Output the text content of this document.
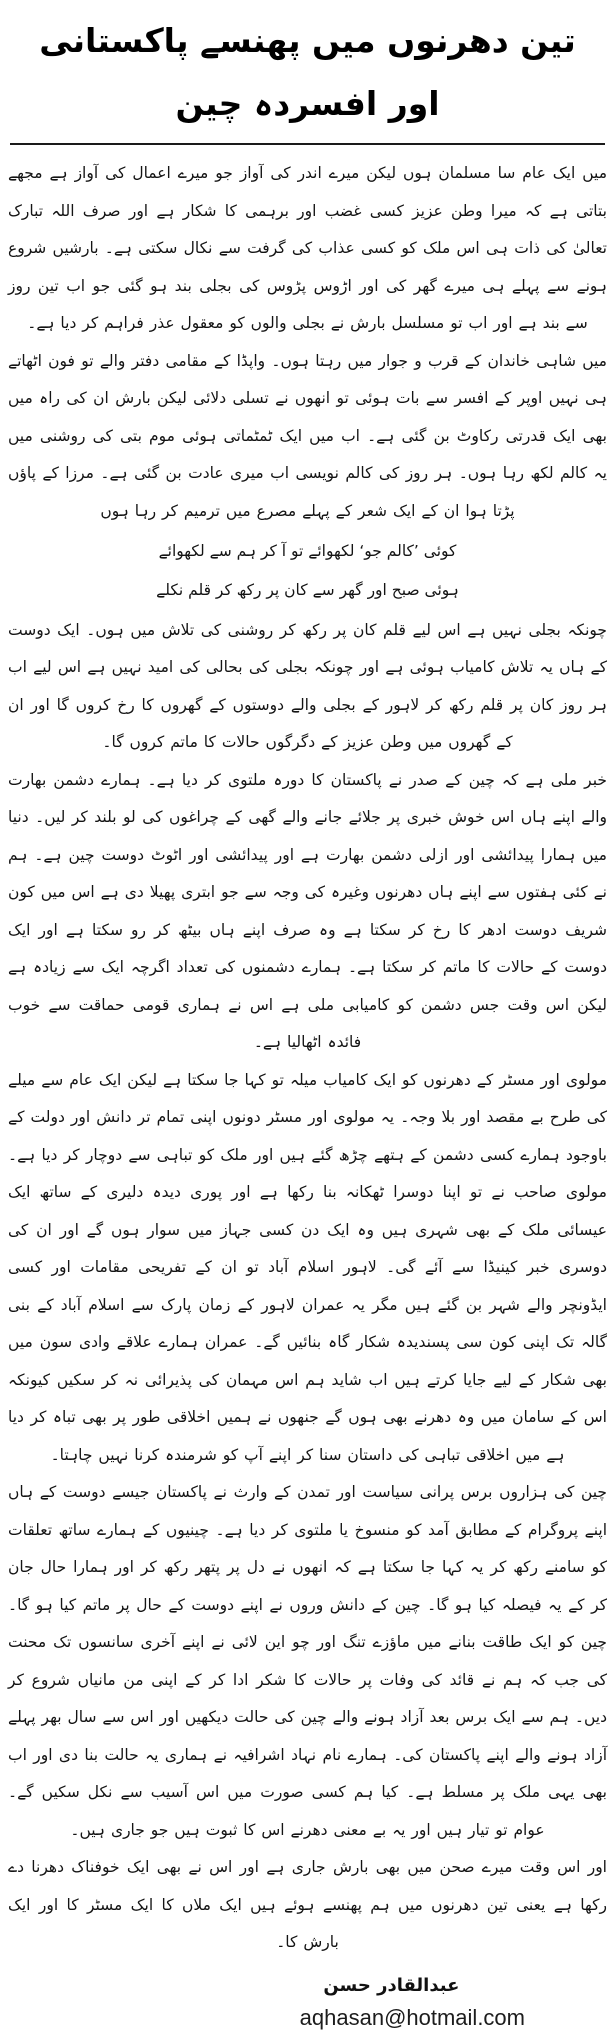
تین دھرنوں میں پھنسے پاکستانی اور افسردہ چین

میں ایک عام سا مسلمان ہوں لیکن میرے اندر کی آواز جو میرے اعمال کی آواز ہے مجھے بتاتی ہے کہ میرا وطن عزیز کسی غضب اور برہمی کا شکار ہے اور صرف اللہ تبارک تعالیٰ کی ذات ہی اس ملک کو کسی عذاب کی گرفت سے نکال سکتی ہے۔ بارشیں شروع ہونے سے پہلے ہی میرے گھر کی اور اڑوس پڑوس کی بجلی بند ہو گئی جو اب تین روز سے بند ہے اور اب تو مسلسل بارش نے بجلی والوں کو معقول عذر فراہم کر دیا ہے۔

میں شاہی خاندان کے قرب و جوار میں رہتا ہوں۔ واپڈا کے مقامی دفتر والے تو فون اٹھاتے ہی نہیں اوپر کے افسر سے بات ہوئی تو انھوں نے تسلی دلائی لیکن بارش ان کی راہ میں بھی ایک قدرتی رکاوٹ بن گئی ہے۔ اب میں ایک ٹمٹماتی ہوئی موم بتی کی روشنی میں یہ کالم لکھ رہا ہوں۔ ہر روز کی کالم نویسی اب میری عادت بن گئی ہے۔ مرزا کے پاؤں پڑتا ہوا ان کے ایک شعر کے پہلے مصرع میں ترمیم کر رہا ہوں

کوئی ’کالم جو‘ لکھوائے تو آ کر ہم سے لکھوائے
ہوئی صبح اور گھر سے کان پر رکھ کر قلم نکلے

چونکہ بجلی نہیں ہے اس لیے قلم کان پر رکھ کر روشنی کی تلاش میں ہوں۔ ایک دوست کے ہاں یہ تلاش کامیاب ہوئی ہے اور چونکہ بجلی کی بحالی کی امید نہیں ہے اس لیے اب ہر روز کان پر قلم رکھ کر لاہور کے بجلی والے دوستوں کے گھروں کا رخ کروں گا اور ان کے گھروں میں وطن عزیز کے دگرگوں حالات کا ماتم کروں گا۔

خبر ملی ہے کہ چین کے صدر نے پاکستان کا دورہ ملتوی کر دیا ہے۔ ہمارے دشمن بھارت والے اپنے ہاں اس خوش خبری پر جلائے جانے والے گھی کے چراغوں کی لو بلند کر لیں۔ دنیا میں ہمارا پیدائشی اور ازلی دشمن بھارت ہے اور پیدائشی اور اٹوٹ دوست چین ہے۔ ہم نے کئی ہفتوں سے اپنے ہاں دھرنوں وغیرہ کی وجہ سے جو ابتری پھیلا دی ہے اس میں کون شریف دوست ادھر کا رخ کر سکتا ہے وہ صرف اپنے ہاں بیٹھ کر رو سکتا ہے اور ایک دوست کے حالات کا ماتم کر سکتا ہے۔ ہمارے دشمنوں کی تعداد اگرچہ ایک سے زیادہ ہے لیکن اس وقت جس دشمن کو کامیابی ملی ہے اس نے ہماری قومی حماقت سے خوب فائدہ اٹھالیا ہے۔

مولوی اور مسٹر کے دھرنوں کو ایک کامیاب میلہ تو کہا جا سکتا ہے لیکن ایک عام سے میلے کی طرح بے مقصد اور بلا وجہ۔ یہ مولوی اور مسٹر دونوں اپنی تمام تر دانش اور دولت کے باوجود ہمارے کسی دشمن کے ہتھے چڑھ گئے ہیں اور ملک کو تباہی سے دوچار کر دیا ہے۔ مولوی صاحب نے تو اپنا دوسرا ٹھکانہ بنا رکھا ہے اور پوری دیدہ دلیری کے ساتھ ایک عیسائی ملک کے بھی شہری ہیں وہ ایک دن کسی جہاز میں سوار ہوں گے اور ان کی دوسری خبر کینیڈا سے آئے گی۔ لاہور اسلام آباد تو ان کے تفریحی مقامات اور کسی ایڈونچر والے شہر بن گئے ہیں مگر یہ عمران لاہور کے زمان پارک سے اسلام آباد کے بنی گالہ تک اپنی کون سی پسندیدہ شکار گاہ بنائیں گے۔ عمران ہمارے علاقے وادی سون میں بھی شکار کے لیے جایا کرتے ہیں اب شاید ہم اس مہمان کی پذیرائی نہ کر سکیں کیونکہ اس کے سامان میں وہ دھرنے بھی ہوں گے جنھوں نے ہمیں اخلاقی طور پر بھی تباہ کر دیا ہے میں اخلاقی تباہی کی داستان سنا کر اپنے آپ کو شرمندہ کرنا نہیں چاہتا۔

چین کی ہزاروں برس پرانی سیاست اور تمدن کے وارث نے پاکستان جیسے دوست کے ہاں اپنے پروگرام کے مطابق آمد کو منسوخ یا ملتوی کر دیا ہے۔ چینیوں کے ہمارے ساتھ تعلقات کو سامنے رکھ کر یہ کہا جا سکتا ہے کہ انھوں نے دل پر پتھر رکھ کر اور ہمارا حال جان کر کے یہ فیصلہ کیا ہو گا۔ چین کے دانش وروں نے اپنے دوست کے حال پر ماتم کیا ہو گا۔ چین کو ایک طاقت بنانے میں ماؤزے تنگ اور چو این لائی نے اپنے آخری سانسوں تک محنت کی جب کہ ہم نے قائد کی وفات پر حالات کا شکر ادا کر کے اپنی من مانیاں شروع کر دیں۔ ہم سے ایک برس بعد آزاد ہونے والے چین کی حالت دیکھیں اور اس سے سال بھر پہلے آزاد ہونے والے اپنے پاکستان کی۔ ہمارے نام نہاد اشرافیہ نے ہماری یہ حالت بنا دی اور اب بھی یہی ملک پر مسلط ہے۔ کیا ہم کسی صورت میں اس آسیب سے نکل سکیں گے۔ عوام تو تیار ہیں اور یہ بے معنی دھرنے اس کا ثبوت ہیں جو جاری ہیں۔

اور اس وقت میرے صحن میں بھی بارش جاری ہے اور اس نے بھی ایک خوفناک دھرنا دے رکھا ہے یعنی تین دھرنوں میں ہم پھنسے ہوئے ہیں ایک ملاں کا ایک مسٹر کا اور ایک بارش کا۔

عبدالقادر حسن
aqhasan@hotmail.com
